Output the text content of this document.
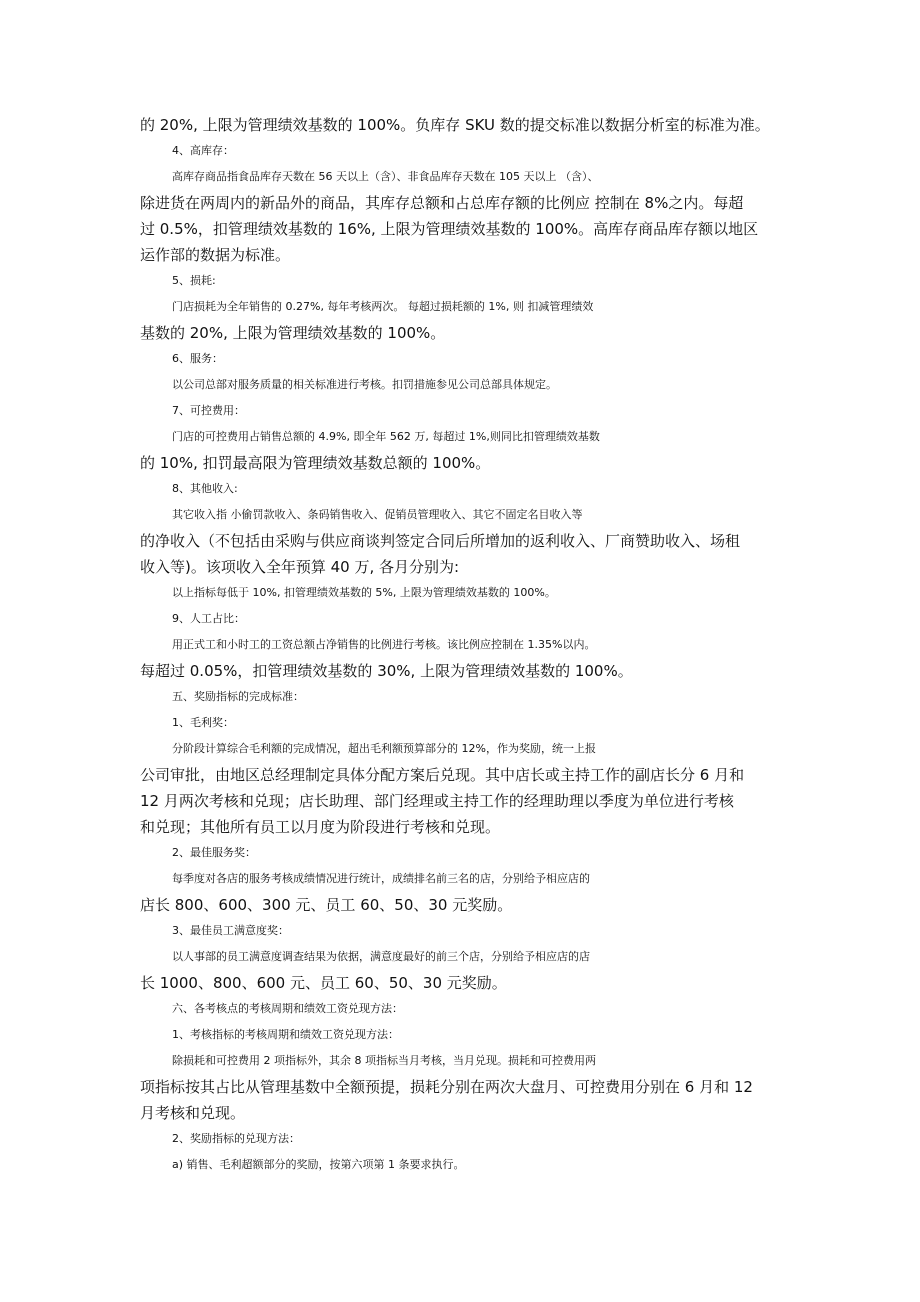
的 20%, 上限为管理绩效基数的 100%。负库存 SKU 数的提交标准以数据分析室的标准为准。

4、高库存：

高库存商品指食品库存天数在 56 天以上（含）、非食品库存天数在 105 天以上 （含）、

除进货在两周内的新品外的商品，其库存总额和占总库存额的比例应 控制在 8%之内。每超

过 0.5%，扣管理绩效基数的 16%, 上限为管理绩效基数的 100%。高库存商品库存额以地区

运作部的数据为标准。

5、损耗:

门店损耗为全年销售的 0.27%, 每年考核两次。 每超过损耗额的 1%, 则 扣减管理绩效

基数的 20%, 上限为管理绩效基数的 100%。

6、服务：

以公司总部对服务质量的相关标准进行考核。扣罚措施参见公司总部具体规定。

7、可控费用：

门店的可控费用占销售总额的 4.9%, 即全年 562 万, 每超过 1%,则同比扣管理绩效基数

的 10%, 扣罚最高限为管理绩效基数总额的 100%。

8、其他收入:

其它收入指 小偷罚款收入、条码销售收入、促销员管理收入、其它不固定名目收入等

的净收入（不包括由采购与供应商谈判签定合同后所增加的返利收入、厂商赞助收入、场租

收入等)。该项收入全年预算 40 万, 各月分别为:

以上指标每低于 10%, 扣管理绩效基数的 5%, 上限为管理绩效基数的 100%。

9、人工占比：

用正式工和小时工的工资总额占净销售的比例进行考核。该比例应控制在 1.35%以内。

每超过 0.05%，扣管理绩效基数的 30%, 上限为管理绩效基数的 100%。

五、奖励指标的完成标准：

1、毛利奖：

分阶段计算综合毛利额的完成情况，超出毛利额预算部分的 12%，作为奖励，统一上报

公司审批，由地区总经理制定具体分配方案后兑现。其中店长或主持工作的副店长分 6 月和

12 月两次考核和兑现；店长助理、部门经理或主持工作的经理助理以季度为单位进行考核

和兑现；其他所有员工以月度为阶段进行考核和兑现。

2、最佳服务奖：

每季度对各店的服务考核成绩情况进行统计，成绩排名前三名的店，分别给予相应店的

店长 800、600、300 元、员工 60、50、30 元奖励。

3、最佳员工满意度奖：

以人事部的员工满意度调查结果为依据，满意度最好的前三个店，分别给予相应店的店

长 1000、800、600 元、员工 60、50、30 元奖励。

六、各考核点的考核周期和绩效工资兑现方法：

1、考核指标的考核周期和绩效工资兑现方法：

除损耗和可控费用 2 项指标外，其余 8 项指标当月考核，当月兑现。损耗和可控费用两

项指标按其占比从管理基数中全额预提，损耗分别在两次大盘月、可控费用分别在 6 月和 12

月考核和兑现。

2、奖励指标的兑现方法：

a) 销售、毛利超额部分的奖励，按第六项第 1 条要求执行。
